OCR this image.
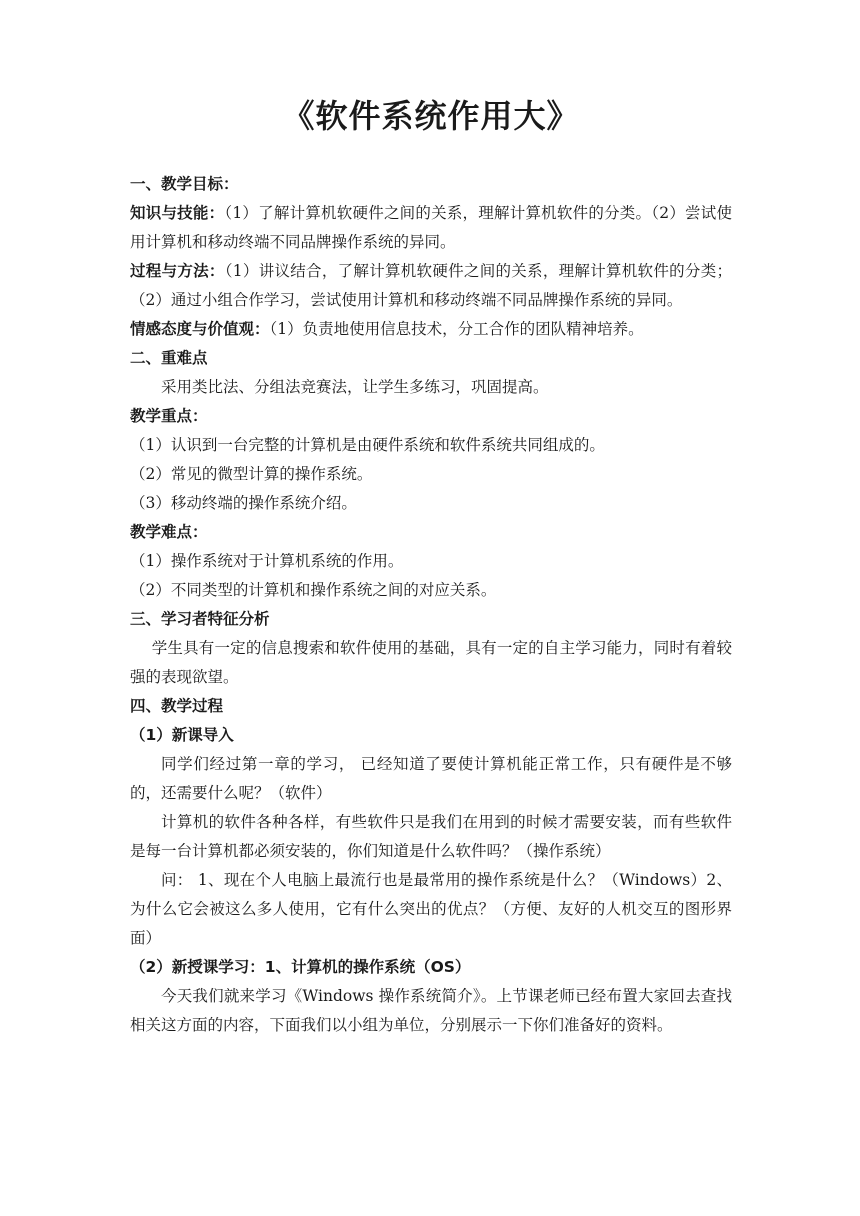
《软件系统作用大》

一、教学目标：

知识与技能：（1）了解计算机软硬件之间的关系，理解计算机软件的分类。（2）尝试使用计算机和移动终端不同品牌操作系统的异同。

过程与方法：（1）讲议结合，了解计算机软硬件之间的关系，理解计算机软件的分类；（2）通过小组合作学习，尝试使用计算机和移动终端不同品牌操作系统的异同。

情感态度与价值观：（1）负责地使用信息技术，分工合作的团队精神培养。

二、重难点

采用类比法、分组法竞赛法，让学生多练习，巩固提高。

教学重点：

（1）认识到一台完整的计算机是由硬件系统和软件系统共同组成的。

（2）常见的微型计算的操作系统。

（3）移动终端的操作系统介绍。

教学难点：

（1）操作系统对于计算机系统的作用。

（2）不同类型的计算机和操作系统之间的对应关系。

三、学习者特征分析

学生具有一定的信息搜索和软件使用的基础，具有一定的自主学习能力，同时有着较强的表现欲望。

四、教学过程

（1）新课导入

同学们经过第一章的学习， 已经知道了要使计算机能正常工作，只有硬件是不够的，还需要什么呢？（软件）

计算机的软件各种各样，有些软件只是我们在用到的时候才需要安装，而有些软件是每一台计算机都必须安装的，你们知道是什么软件吗？（操作系统）

问： 1、现在个人电脑上最流行也是最常用的操作系统是什么？（Windows）2、为什么它会被这么多人使用，它有什么突出的优点？（方便、友好的人机交互的图形界面）

（2）新授课学习：1、计算机的操作系统（OS）

今天我们就来学习《Windows 操作系统简介》。上节课老师已经布置大家回去查找相关这方面的内容，下面我们以小组为单位，分别展示一下你们准备好的资料。
